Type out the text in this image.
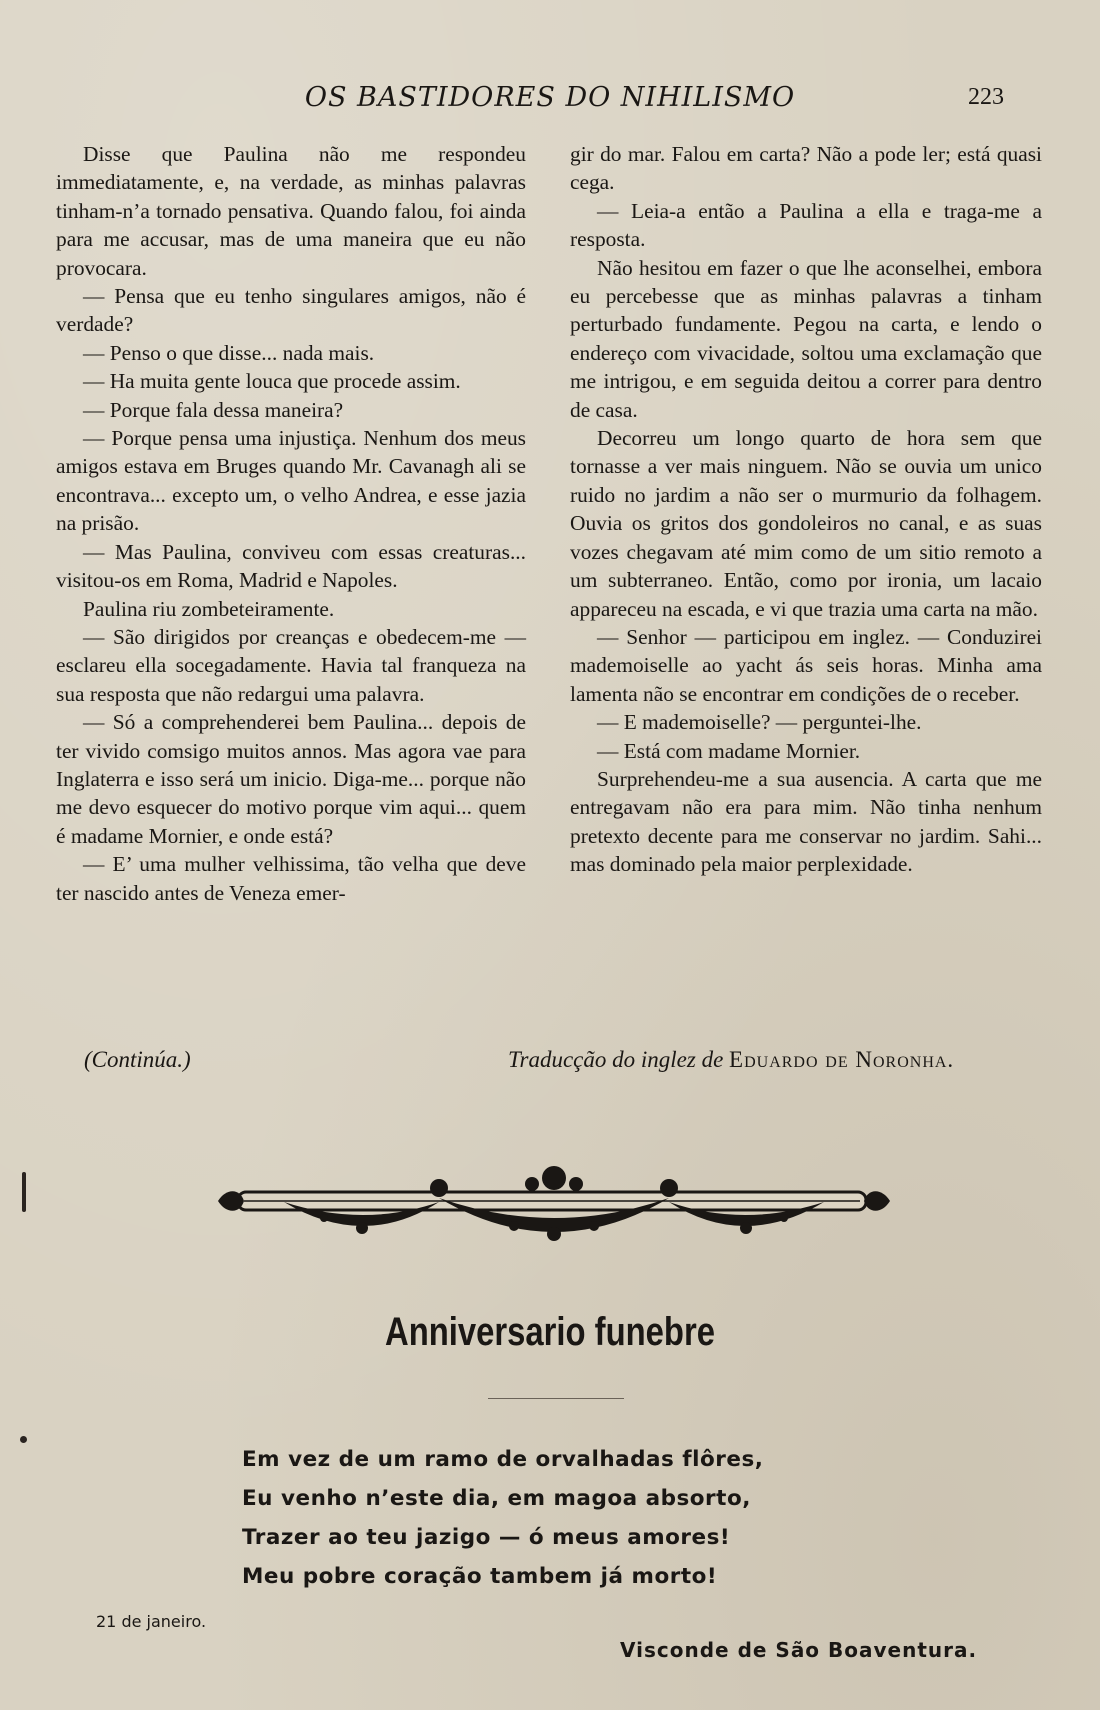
OS BASTIDORES DO NIHILISMO	223

Disse que Paulina não me respondeu immediatamente, e, na verdade, as minhas palavras tinham-n’a tornado pensativa. Quando falou, foi ainda para me accusar, mas de uma maneira que eu não provocara.

— Pensa que eu tenho singulares amigos, não é verdade?

— Penso o que disse... nada mais.

— Ha muita gente louca que procede assim.

— Porque fala dessa maneira?

— Porque pensa uma injustiça. Nenhum dos meus amigos estava em Bruges quando Mr. Cavanagh ali se encontrava... excepto um, o velho Andrea, e esse jazia na prisão.

— Mas Paulina, conviveu com essas creaturas... visitou-os em Roma, Madrid e Napoles.

Paulina riu zombeteiramente.

— São dirigidos por creanças e obedecem-me — esclareu ella socegadamente. Havia tal franqueza na sua resposta que não redargui uma palavra.

— Só a comprehenderei bem Paulina... depois de ter vivido comsigo muitos annos. Mas agora vae para Inglaterra e isso será um inicio. Diga-me... porque não me devo esquecer do motivo porque vim aqui... quem é madame Mornier, e onde está?

— E’ uma mulher velhissima, tão velha que deve ter nascido antes de Veneza emer-

gir do mar. Falou em carta? Não a pode ler; está quasi cega.

— Leia-a então a Paulina a ella e traga-me a resposta.

Não hesitou em fazer o que lhe aconselhei, embora eu percebesse que as minhas palavras a tinham perturbado fundamente. Pegou na carta, e lendo o endereço com vivacidade, soltou uma exclamação que me intrigou, e em seguida deitou a correr para dentro de casa.

Decorreu um longo quarto de hora sem que tornasse a ver mais ninguem. Não se ouvia um unico ruido no jardim a não ser o murmurio da folhagem. Ouvia os gritos dos gondoleiros no canal, e as suas vozes chegavam até mim como de um sitio remoto a um subterraneo. Então, como por ironia, um lacaio appareceu na escada, e vi que trazia uma carta na mão.

— Senhor — participou em inglez. — Conduzirei mademoiselle ao yacht ás seis horas. Minha ama lamenta não se encontrar em condições de o receber.

— E mademoiselle? — perguntei-lhe.

— Está com madame Mornier.

Surprehendeu-me a sua ausencia. A carta que me entregavam não era para mim. Não tinha nenhum pretexto decente para me conservar no jardim. Sahi... mas dominado pela maior perplexidade.

(Continúa.)	Traducção do inglez de Eduardo de Noronha.
Anniversario funebre
Em vez de um ramo de orvalhadas flôres,
Eu venho n’este dia, em magoa absorto,
Trazer ao teu jazigo — ó meus amores!
Meu pobre coração tambem já morto!
21 de janeiro.
Visconde de São Boaventura.
